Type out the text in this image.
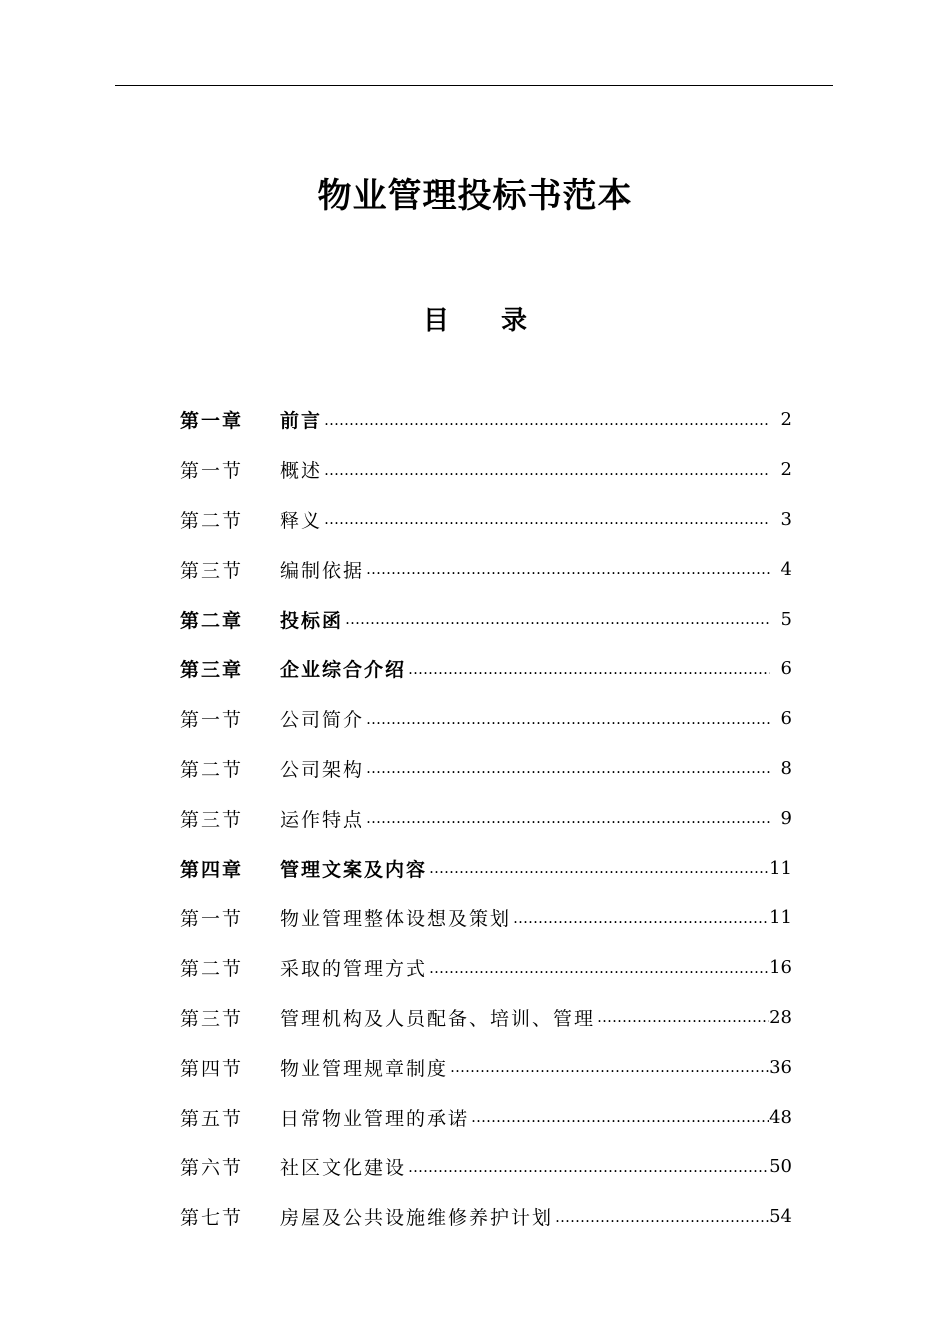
物业管理投标书范本
目 录
第一章	前言 …………………………………………………………………………………………………………………………………………	2
第一节	概述 …………………………………………………………………………………………………………………………………………	2
第二节	释义 …………………………………………………………………………………………………………………………………………	3
第三节	编制依据 …………………………………………………………………………………………………………………………………………	4
第二章	投标函 …………………………………………………………………………………………………………………………………………	5
第三章	企业综合介绍 …………………………………………………………………………………………………………………………………………	6
第一节	公司简介 …………………………………………………………………………………………………………………………………………	6
第二节	公司架构 …………………………………………………………………………………………………………………………………………	8
第三节	运作特点 …………………………………………………………………………………………………………………………………………	9
第四章	管理文案及内容 …………………………………………………………………………………………………………………………………………	11
第一节	物业管理整体设想及策划 …………………………………………………………………………………………………………………………………………	11
第二节	采取的管理方式 …………………………………………………………………………………………………………………………………………	16
第三节	管理机构及人员配备、培训、管理 …………………………………………………………………………………………………………………………………………	28
第四节	物业管理规章制度 …………………………………………………………………………………………………………………………………………	36
第五节	日常物业管理的承诺 …………………………………………………………………………………………………………………………………………	48
第六节	社区文化建设 …………………………………………………………………………………………………………………………………………	50
第七节	房屋及公共设施维修养护计划 …………………………………………………………………………………………………………………………………………	54
